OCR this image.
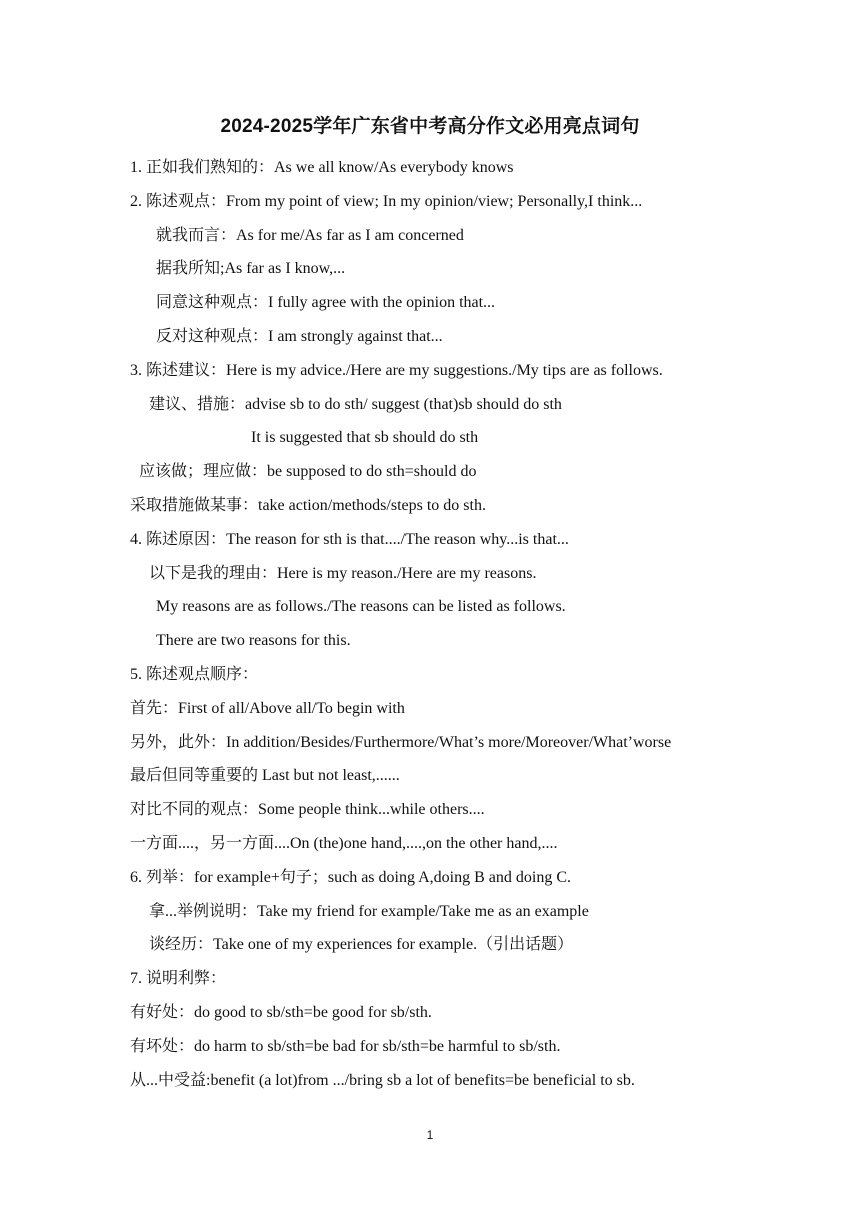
2024-2025学年广东省中考高分作文必用亮点词句
1. 正如我们熟知的：As we all know/As everybody knows
2. 陈述观点：From my point of view; In my opinion/view; Personally,I think...
就我而言：As for me/As far as I am concerned
据我所知;As far as I know,...
同意这种观点：I fully agree with the opinion that...
反对这种观点：I am strongly against that...
3. 陈述建议：Here is my advice./Here are my suggestions./My tips are as follows.
建议、措施：advise sb to do sth/ suggest (that)sb should do sth
It is suggested that sb should do sth
应该做；理应做：be supposed to do sth=should do
采取措施做某事：take action/methods/steps to do sth.
4. 陈述原因：The reason for sth is that..../The reason why...is that...
以下是我的理由：Here is my reason./Here are my reasons.
My reasons are as follows./The reasons can be listed as follows.
There are two reasons for this.
5. 陈述观点顺序：
首先：First of all/Above all/To begin with
另外，此外：In addition/Besides/Furthermore/What’s more/Moreover/What’worse
最后但同等重要的 Last but not least,......
对比不同的观点：Some people think...while others....
一方面....，另一方面....On (the)one hand,....,on the other hand,....
6. 列举：for example+句子；such as doing A,doing B and doing C.
拿...举例说明：Take my friend for example/Take me as an example
谈经历：Take one of my experiences for example.（引出话题）
7. 说明利弊：
有好处：do good to sb/sth=be good for sb/sth.
有坏处：do harm to sb/sth=be bad for sb/sth=be harmful to sb/sth.
从...中受益:benefit (a lot)from .../bring sb a lot of benefits=be beneficial to sb.
1
